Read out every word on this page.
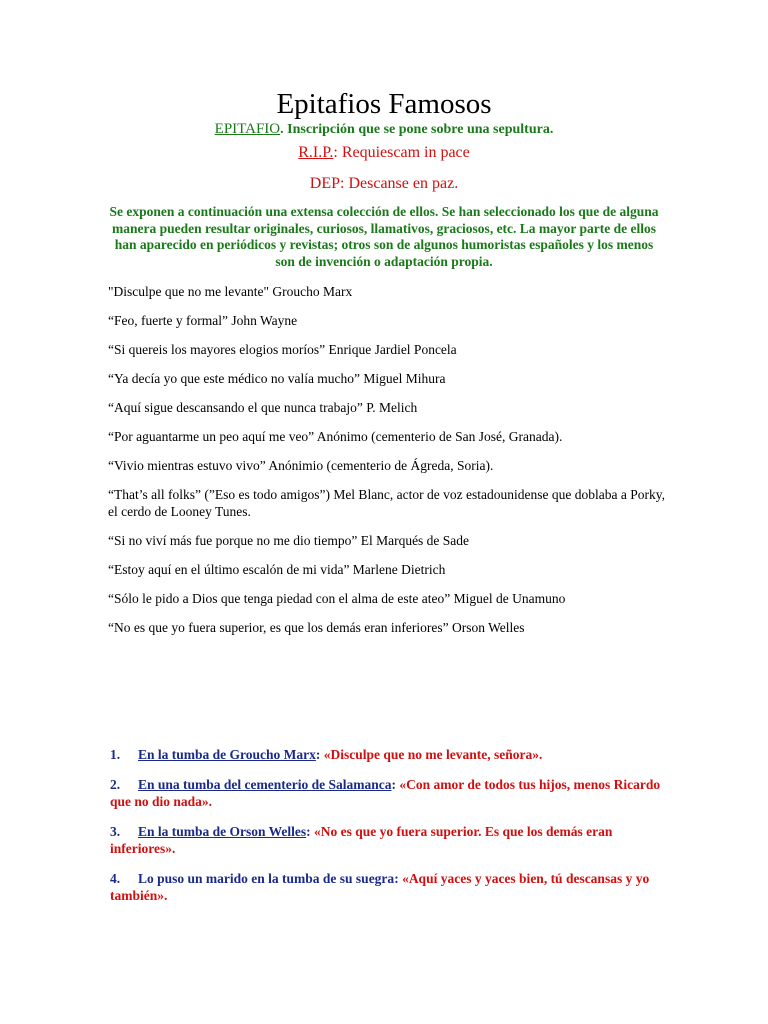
Epitafios Famosos
EPITAFIO. Inscripción que se pone sobre una sepultura.
R.I.P.: Requiescam in pace
DEP: Descanse en paz.
Se exponen a continuación una extensa colección de ellos. Se han seleccionado los que de alguna manera pueden resultar originales, curiosos, llamativos, graciosos, etc. La mayor parte de ellos han aparecido en periódicos y revistas; otros son de algunos humoristas españoles y los menos son de invención o adaptación propia.
"Disculpe que no me levante" Groucho Marx
“Feo, fuerte y formal” John Wayne
“Si quereis los mayores elogios moríos” Enrique Jardiel Poncela
“Ya decía yo que este médico no valía mucho” Miguel Mihura
“Aquí sigue descansando el que nunca trabajo” P. Melich
“Por aguantarme un peo aquí me veo” Anónimo (cementerio de San José, Granada).
“Vivio mientras estuvo vivo” Anónimio (cementerio de Ágreda, Soria).
“That’s all folks” (”Eso es todo amigos”) Mel Blanc, actor de voz estadounidense que doblaba a Porky, el cerdo de Looney Tunes.
“Si no viví más fue porque no me dio tiempo” El Marqués de Sade
“Estoy aquí en el último escalón de mi vida” Marlene Dietrich
“Sólo le pido a Dios que tenga piedad con el alma de este ateo” Miguel de Unamuno
“No es que yo fuera superior, es que los demás eran inferiores” Orson Welles
1. En la tumba de Groucho Marx: «Disculpe que no me levante, señora».
2. En una tumba del cementerio de Salamanca: «Con amor de todos tus hijos, menos Ricardo que no dio nada».
3. En la tumba de Orson Welles: «No es que yo fuera superior. Es que los demás eran inferiores».
4. Lo puso un marido en la tumba de su suegra: «Aquí yaces y yaces bien, tú descansas y yo también».
